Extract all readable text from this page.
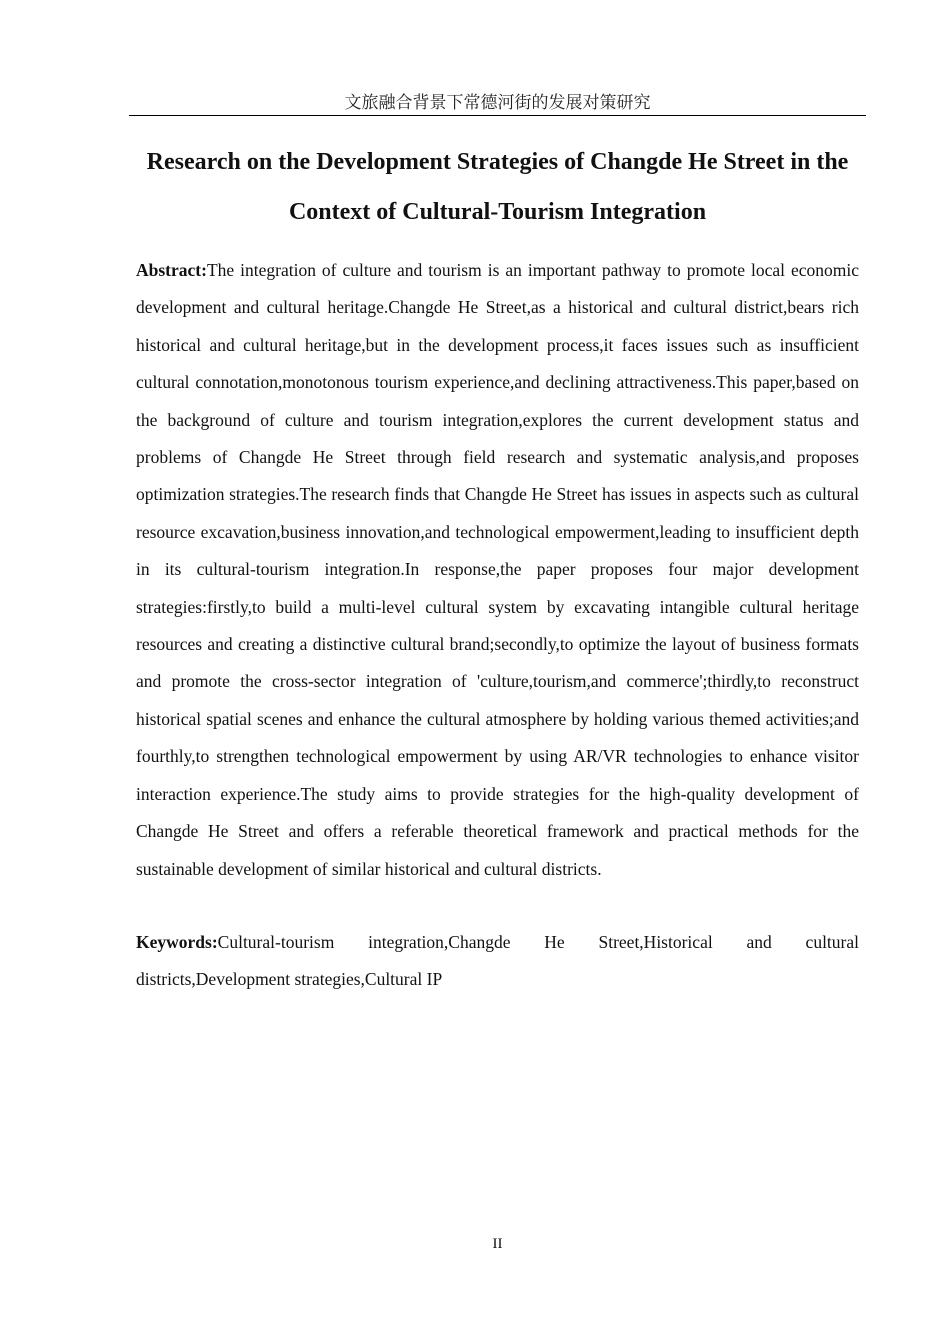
文旅融合背景下常德河街的发展对策研究
Research on the Development Strategies of Changde He Street in the Context of Cultural-Tourism Integration

Abstract:The integration of culture and tourism is an important pathway to promote local economic development and cultural heritage.Changde He Street,as a historical and cultural district,bears rich historical and cultural heritage,but in the development process,it faces issues such as insufficient cultural connotation,monotonous tourism experience,and declining attractiveness.This paper,based on the background of culture and tourism integration,explores the current development status and problems of Changde He Street through field research and systematic analysis,and proposes optimization strategies.The research finds that Changde He Street has issues in aspects such as cultural resource excavation,business innovation,and technological empowerment,leading to insufficient depth in its cultural-tourism integration.In response,the paper proposes four major development strategies:firstly,to build a multi-level cultural system by excavating intangible cultural heritage resources and creating a distinctive cultural brand;secondly,to optimize the layout of business formats and promote the cross-sector integration of 'culture,tourism,and commerce';thirdly,to reconstruct historical spatial scenes and enhance the cultural atmosphere by holding various themed activities;and fourthly,to strengthen technological empowerment by using AR/VR technologies to enhance visitor interaction experience.The study aims to provide strategies for the high-quality development of Changde He Street and offers a referable theoretical framework and practical methods for the sustainable development of similar historical and cultural districts.

Keywords:Cultural-tourism integration,Changde He Street,Historical and cultural districts,Development strategies,Cultural IP

II
